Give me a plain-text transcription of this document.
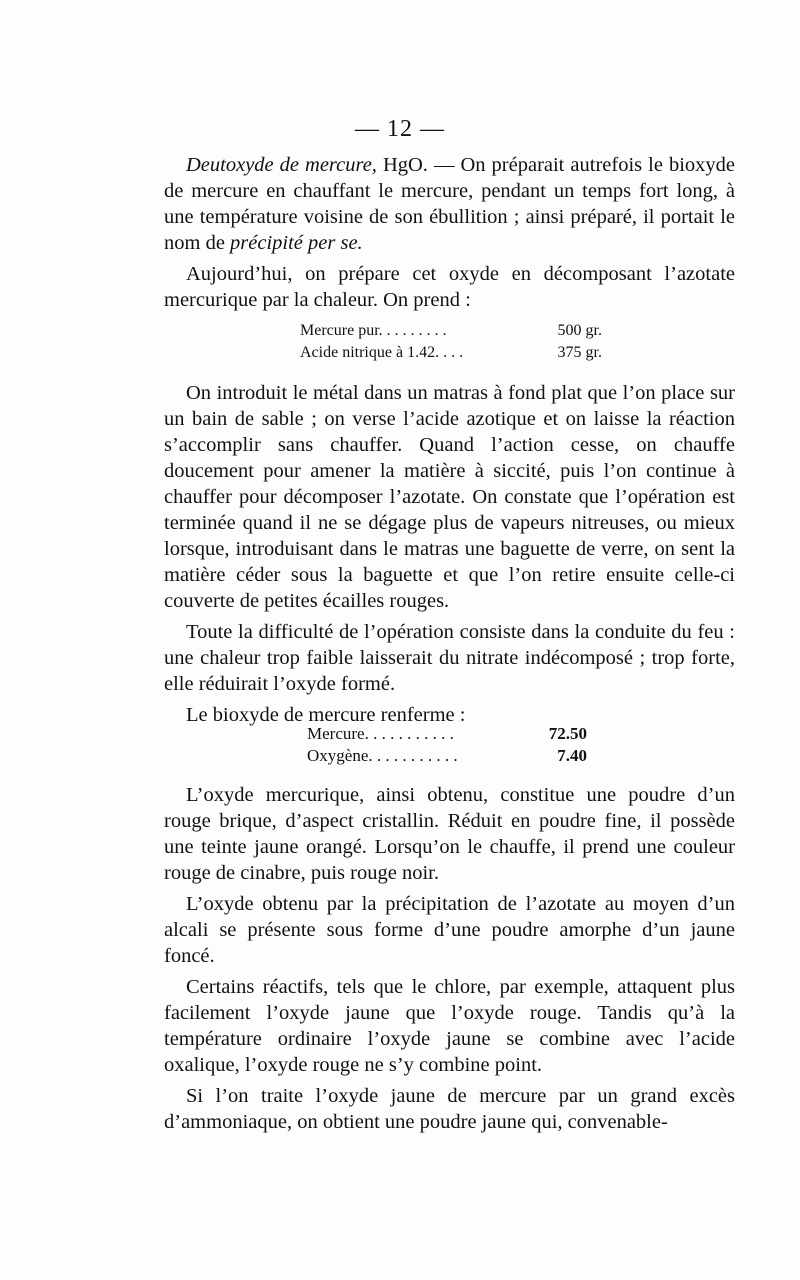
— 12 —

Deutoxyde de mercure, HgO. — On préparait autrefois le bioxyde de mercure en chauffant le mercure, pendant un temps fort long, à une température voisine de son ébullition ; ainsi préparé, il portait le nom de précipité per se.

Aujourd’hui, on prépare cet oxyde en décomposant l’azotate mercurique par la chaleur. On prend :

Mercure pur. . . . . . . . .	500 gr.
Acide nitrique à 1.42. . . .	375 gr.

On introduit le métal dans un matras à fond plat que l’on place sur un bain de sable ; on verse l’acide azotique et on laisse la réaction s’accomplir sans chauffer. Quand l’action cesse, on chauffe doucement pour amener la matière à siccité, puis l’on continue à chauffer pour décomposer l’azotate. On constate que l’opération est terminée quand il ne se dégage plus de vapeurs nitreuses, ou mieux lorsque, introduisant dans le matras une baguette de verre, on sent la matière céder sous la baguette et que l’on retire ensuite celle-ci couverte de petites écailles rouges.

Toute la difficulté de l’opération consiste dans la conduite du feu : une chaleur trop faible laisserait du nitrate indécomposé ; trop forte, elle réduirait l’oxyde formé.

Le bioxyde de mercure renferme :

Mercure. . . . . . . . . . .	72.50
Oxygène. . . . . . . . . . .	7.40

L’oxyde mercurique, ainsi obtenu, constitue une poudre d’un rouge brique, d’aspect cristallin. Réduit en poudre fine, il possède une teinte jaune orangé. Lorsqu’on le chauffe, il prend une couleur rouge de cinabre, puis rouge noir.

L’oxyde obtenu par la précipitation de l’azotate au moyen d’un alcali se présente sous forme d’une poudre amorphe d’un jaune foncé.

Certains réactifs, tels que le chlore, par exemple, attaquent plus facilement l’oxyde jaune que l’oxyde rouge. Tandis qu’à la température ordinaire l’oxyde jaune se combine avec l’acide oxalique, l’oxyde rouge ne s’y combine point.

Si l’on traite l’oxyde jaune de mercure par un grand excès d’ammoniaque, on obtient une poudre jaune qui, convenable-
